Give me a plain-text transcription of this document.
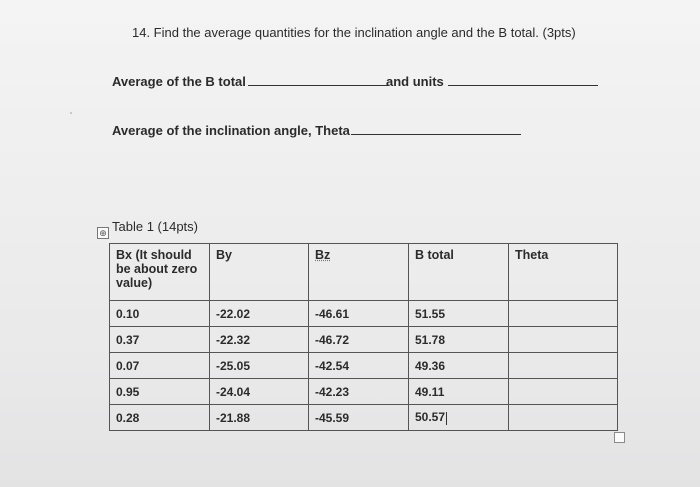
14. Find the average quantities for the inclination angle and the B total. (3pts)
Average of the B total	and units
Average of the inclination angle, Theta
⊕ Table 1 (14pts)
Bx (It should be about zero value)	By	Bz	B total	Theta
0.10	-22.02	-46.61	51.55	
0.37	-22.32	-46.72	51.78	
0.07	-25.05	-42.54	49.36	
0.95	-24.04	-42.23	49.11	
0.28	-21.88	-45.59	50.57	
